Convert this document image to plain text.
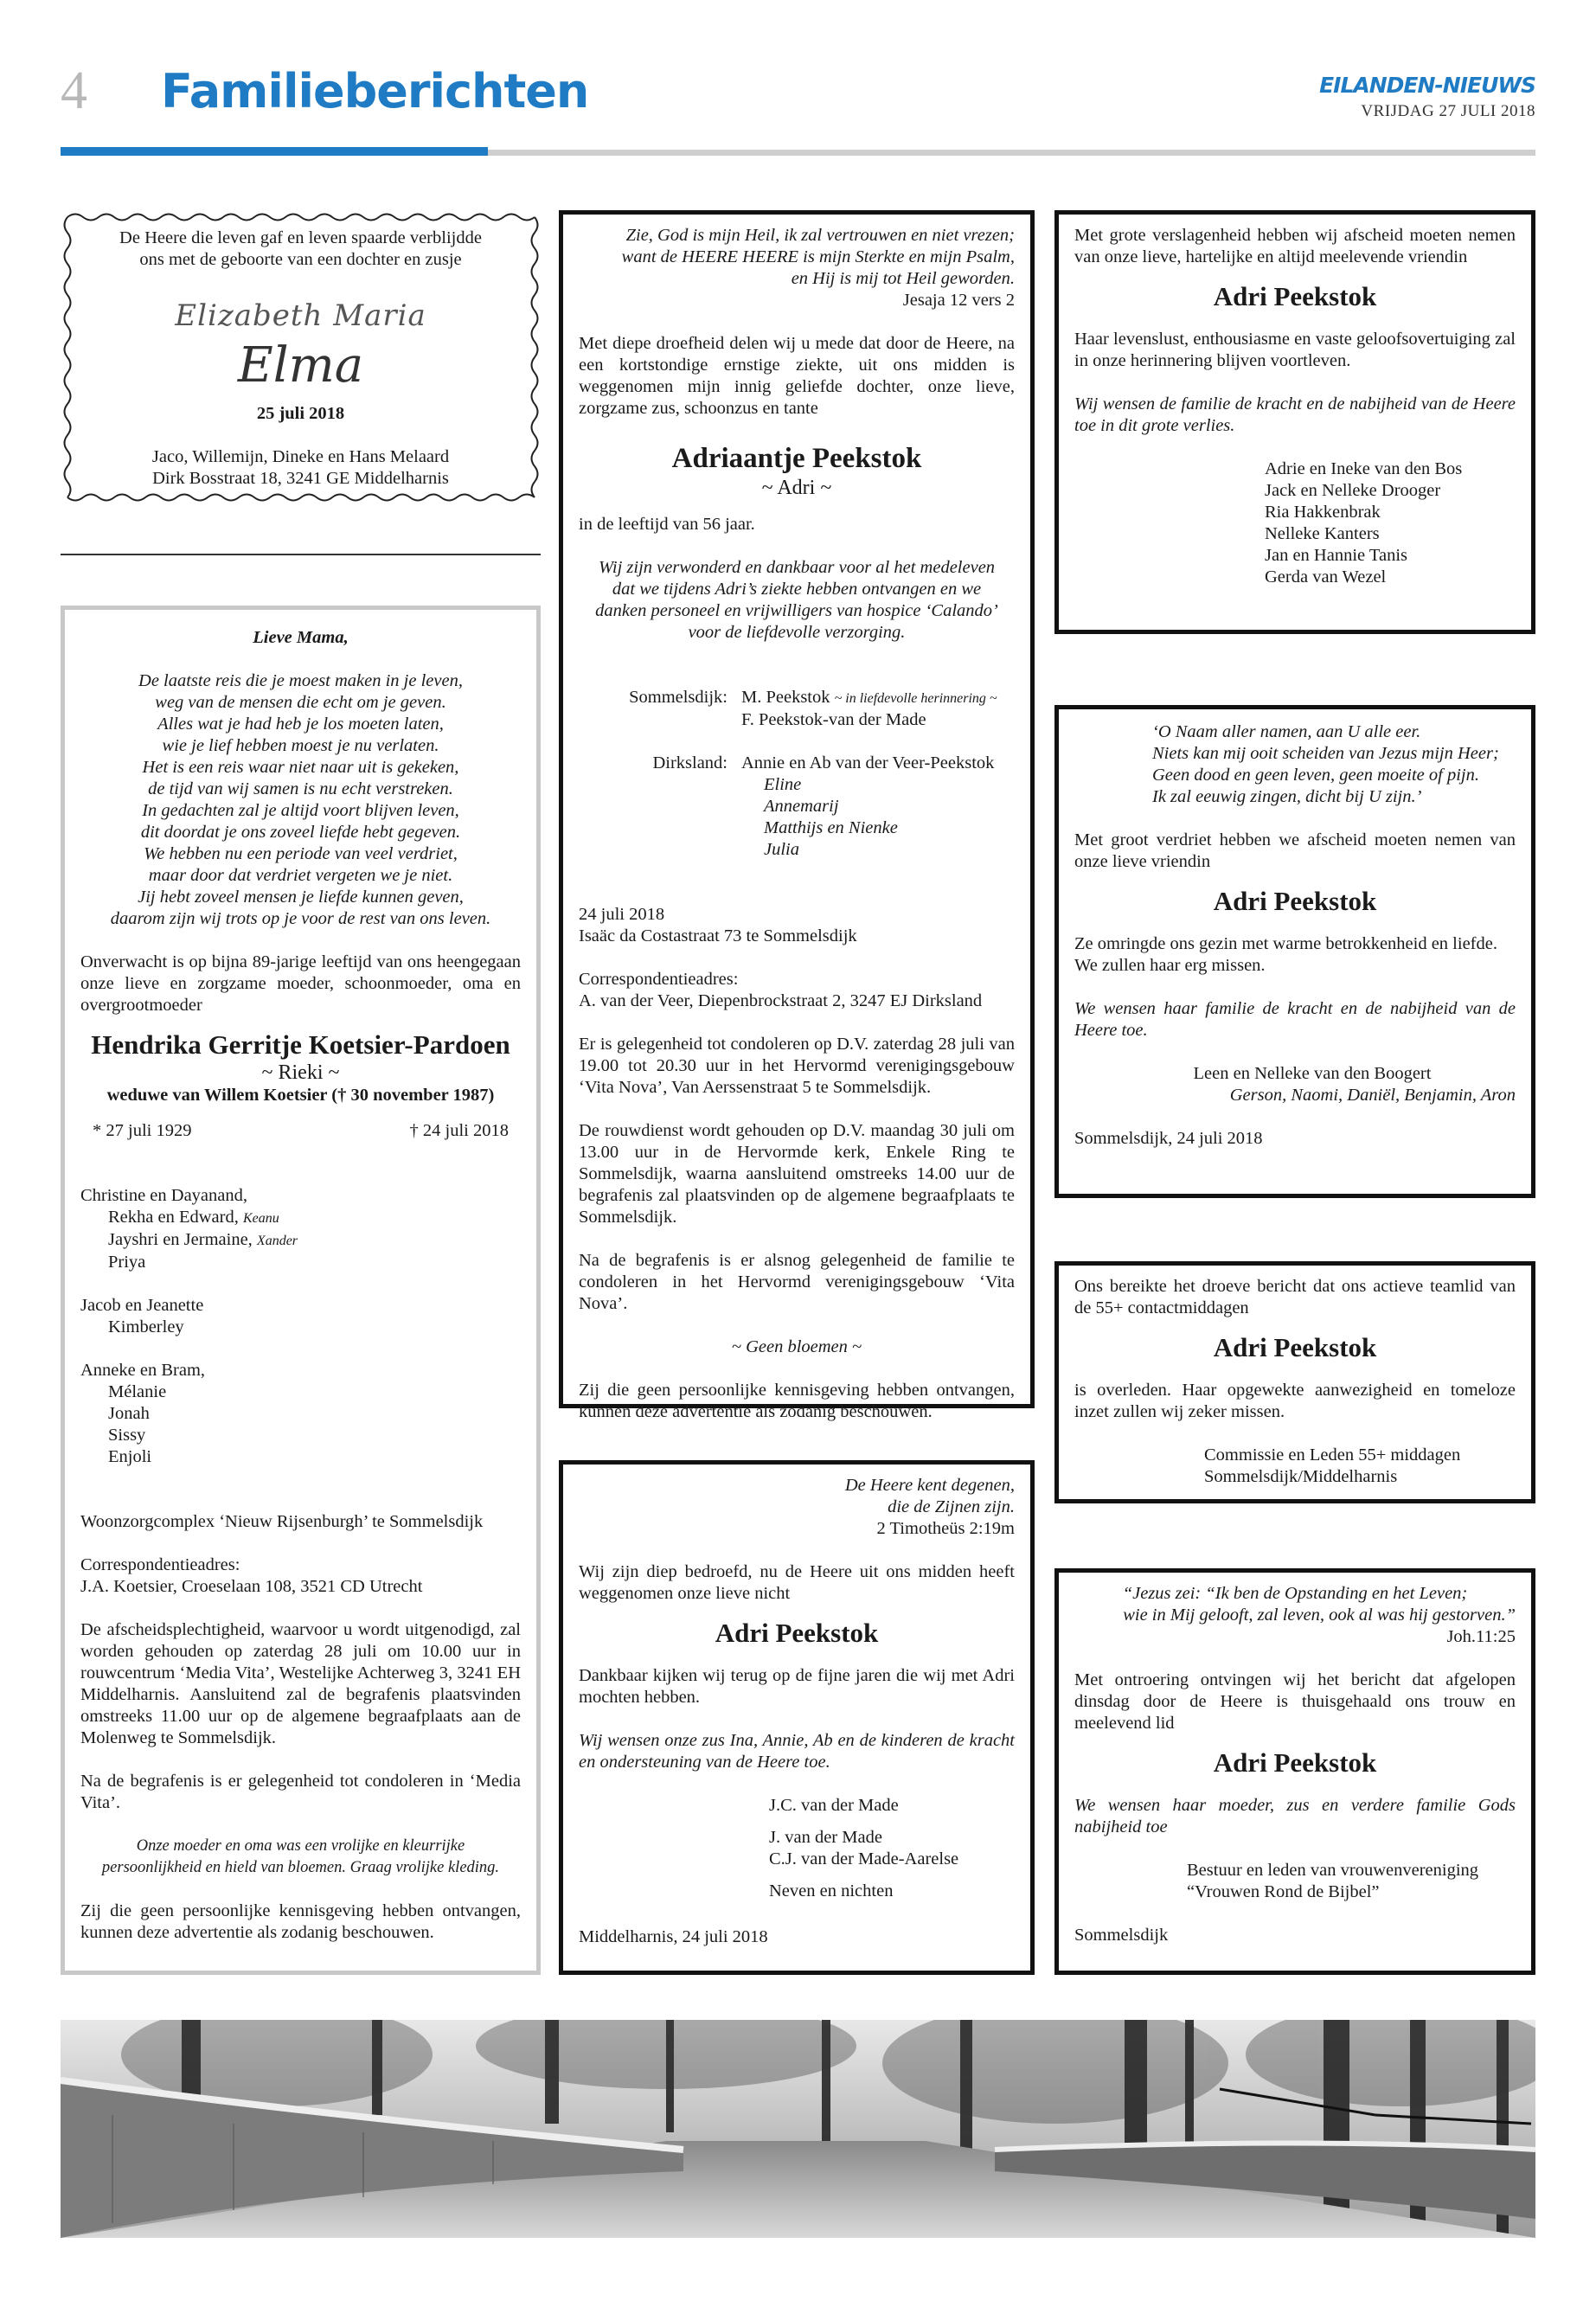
4 Familieberichten	EILANDEN-NIEUWS
VRIJDAG 27 JULI 2018
De Heere die leven gaf en leven spaarde verblijdde
ons met de geboorte van een dochter en zusje
Elizabeth Maria
Elma
25 juli 2018
Jaco, Willemijn, Dineke en Hans Melaard
Dirk Bosstraat 18, 3241 GE Middelharnis

Lieve Mama,

De laatste reis die je moest maken in je leven,
weg van de mensen die echt om je geven.
Alles wat je had heb je los moeten laten,
wie je lief hebben moest je nu verlaten.
Het is een reis waar niet naar uit is gekeken,
de tijd van wij samen is nu echt verstreken.
In gedachten zal je altijd voort blijven leven,
dit doordat je ons zoveel liefde hebt gegeven.
We hebben nu een periode van veel verdriet,
maar door dat verdriet vergeten we je niet.
Jij hebt zoveel mensen je liefde kunnen geven,
daarom zijn wij trots op je voor de rest van ons leven.

Onverwacht is op bijna 89-jarige leeftijd van ons heengegaan onze lieve en zorgzame moeder, schoonmoeder, oma en overgrootmoeder

Hendrika Gerritje Koetsier-Pardoen
~ Rieki ~
weduwe van Willem Koetsier († 30 november 1987)
* 27 juli 1929	† 24 juli 2018
Christine en Dayanand,
Rekha en Edward, Keanu
Jayshri en Jermaine, Xander
Priya
Jacob en Jeanette
Kimberley
Anneke en Bram,
Mélanie
Jonah
Sissy
Enjoli

Woonzorgcomplex ‘Nieuw Rijsenburgh’ te Sommelsdijk

Correspondentieadres:

J.A. Koetsier, Croeselaan 108, 3521 CD Utrecht

De afscheidsplechtigheid, waarvoor u wordt uitgenodigd, zal worden gehouden op zaterdag 28 juli om 10.00 uur in rouwcentrum ‘Media Vita’, Westelijke Achterweg 3, 3241 EH Middelharnis. Aansluitend zal de begrafenis plaatsvinden omstreeks 11.00 uur op de algemene begraafplaats aan de Molenweg te Sommelsdijk.

Na de begrafenis is er gelegenheid tot condoleren in ‘Media Vita’.

Onze moeder en oma was een vrolijke en kleurrijke
persoonlijkheid en hield van bloemen. Graag vrolijke kleding.

Zij die geen persoonlijke kennisgeving hebben ontvangen, kunnen deze advertentie als zodanig beschouwen.

Zie, God is mijn Heil, ik zal vertrouwen en niet vrezen;
want de HEERE HEERE is mijn Sterkte en mijn Psalm,
en Hij is mij tot Heil geworden.
Jesaja 12 vers 2

Met diepe droefheid delen wij u mede dat door de Heere, na een kortstondige ernstige ziekte, uit ons midden is weggenomen mijn innig geliefde dochter, onze lieve, zorgzame zus, schoonzus en tante

Adriaantje Peekstok
~ Adri ~

in de leeftijd van 56 jaar.

Wij zijn verwonderd en dankbaar voor al het medeleven
dat we tijdens Adri’s ziekte hebben ontvangen en we
danken personeel en vrijwilligers van hospice ‘Calando’
voor de liefdevolle verzorging.
Sommelsdijk: M. Peekstok ~ in liefdevolle herinnering ~
F. Peekstok-van der Made
Dirksland: Annie en Ab van der Veer-Peekstok
Eline
Annemarij
Matthijs en Nienke
Julia
24 juli 2018

Isaäc da Costastraat 73 te Sommelsdijk

Correspondentieadres:

A. van der Veer, Diepenbrockstraat 2, 3247 EJ Dirksland

Er is gelegenheid tot condoleren op D.V. zaterdag 28 juli van 19.00 tot 20.30 uur in het Hervormd verenigingsgebouw ‘Vita Nova’, Van Aerssenstraat 5 te Sommelsdijk.

De rouwdienst wordt gehouden op D.V. maandag 30 juli om 13.00 uur in de Hervormde kerk, Enkele Ring te Sommelsdijk, waarna aansluitend omstreeks 14.00 uur de begrafenis zal plaatsvinden op de algemene begraafplaats te Sommelsdijk.

Na de begrafenis is er alsnog gelegenheid de familie te condoleren in het Hervormd verenigingsgebouw ‘Vita Nova’.

~ Geen bloemen ~

Zij die geen persoonlijke kennisgeving hebben ontvangen, kunnen deze advertentie als zodanig beschouwen.

De Heere kent degenen,
die de Zijnen zijn.
2 Timotheüs 2:19m

Wij zijn diep bedroefd, nu de Heere uit ons midden heeft weggenomen onze lieve nicht

Adri Peekstok

Dankbaar kijken wij terug op de fijne jaren die wij met Adri mochten hebben.

Wij wensen onze zus Ina, Annie, Ab en de kinderen de kracht en ondersteuning van de Heere toe.

J.C. van der Made
J. van der Made
C.J. van der Made-Aarelse
Neven en nichten
Middelharnis, 24 juli 2018

Met grote verslagenheid hebben wij afscheid moeten nemen van onze lieve, hartelijke en altijd meelevende vriendin

Adri Peekstok

Haar levenslust, enthousiasme en vaste geloofsovertuiging zal in onze herinnering blijven voortleven.

Wij wensen de familie de kracht en de nabijheid van de Heere toe in dit grote verlies.

Adrie en Ineke van den Bos
Jack en Nelleke Drooger
Ria Hakkenbrak
Nelleke Kanters
Jan en Hannie Tanis
Gerda van Wezel
‘O Naam aller namen, aan U alle eer.
Niets kan mij ooit scheiden van Jezus mijn Heer;
Geen dood en geen leven, geen moeite of pijn.
Ik zal eeuwig zingen, dicht bij U zijn.’

Met groot verdriet hebben we afscheid moeten nemen van onze lieve vriendin

Adri Peekstok
Ze omringde ons gezin met warme betrokkenheid en liefde.

We zullen haar erg missen.

We wensen haar familie de kracht en de nabijheid van de Heere toe.

Leen en Nelleke van den Boogert
Gerson, Naomi, Daniël, Benjamin, Aron
Sommelsdijk, 24 juli 2018

Ons bereikte het droeve bericht dat ons actieve teamlid van de 55+ contactmiddagen

Adri Peekstok

is overleden. Haar opgewekte aanwezigheid en tomeloze inzet zullen wij zeker missen.

Commissie en Leden 55+ middagen
Sommelsdijk/Middelharnis
“Jezus zei: “Ik ben de Opstanding en het Leven;
wie in Mij gelooft, zal leven, ook al was hij gestorven.”
Joh.11:25

Met ontroering ontvingen wij het bericht dat afgelopen dinsdag door de Heere is thuisgehaald ons trouw en meelevend lid

Adri Peekstok

We wensen haar moeder, zus en verdere familie Gods nabijheid toe

Bestuur en leden van vrouwenvereniging
“Vrouwen Rond de Bijbel”
Sommelsdijk
